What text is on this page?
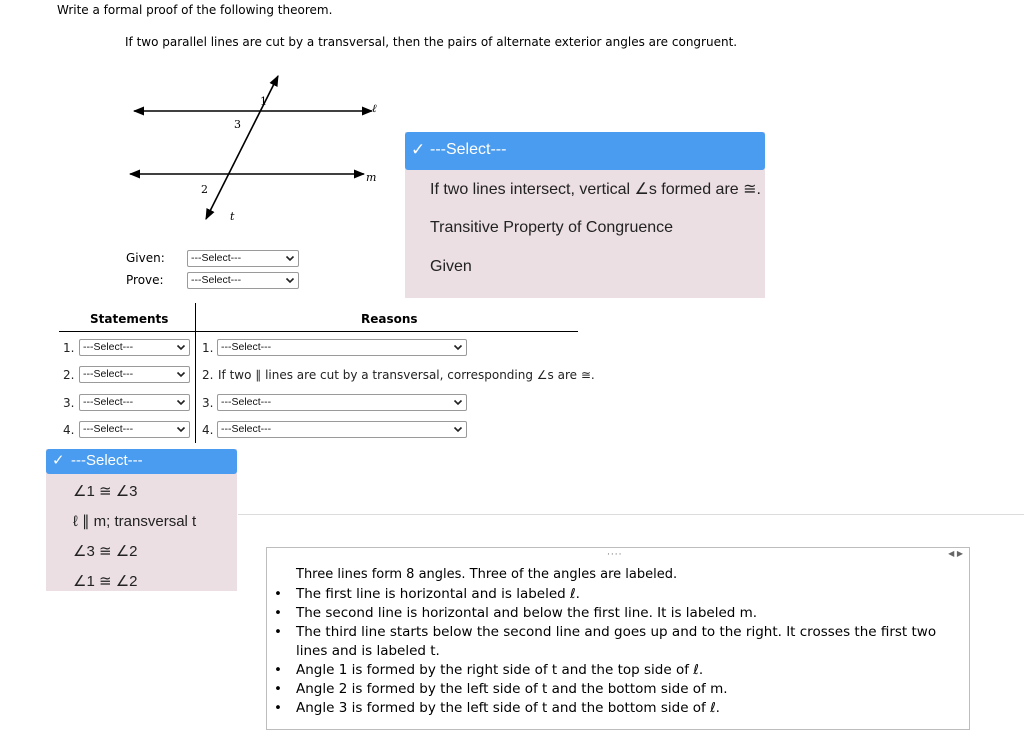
Write a formal proof of the following theorem.
If two parallel lines are cut by a transversal, then the pairs of alternate exterior angles are congruent.
ℓ
m
t
1
3
2
Given:	---Select---
Prove:	---Select---
✓ ---Select---
If two lines intersect, vertical ∠s formed are ≅.
Transitive Property of Congruence
Given
Statements	Reasons
1. ---Select---	1. ---Select---
2. ---Select---	2. If two ∥ lines are cut by a transversal, corresponding ∠s are ≅.
3. ---Select---	3. ---Select---
4. ---Select---	4. ---Select---
✓ ---Select---
∠1 ≅ ∠3
ℓ ∥ m; transversal t
∠3 ≅ ∠2
∠1 ≅ ∠2
····	◀ ▶
Three lines form 8 angles. Three of the angles are labeled.
• The first line is horizontal and is labeled ℓ.
• The second line is horizontal and below the first line. It is labeled m.
• The third line starts below the second line and goes up and to the right. It crosses the first two lines and is labeled t.
• Angle 1 is formed by the right side of t and the top side of ℓ.
• Angle 2 is formed by the left side of t and the bottom side of m.
• Angle 3 is formed by the left side of t and the bottom side of ℓ.
